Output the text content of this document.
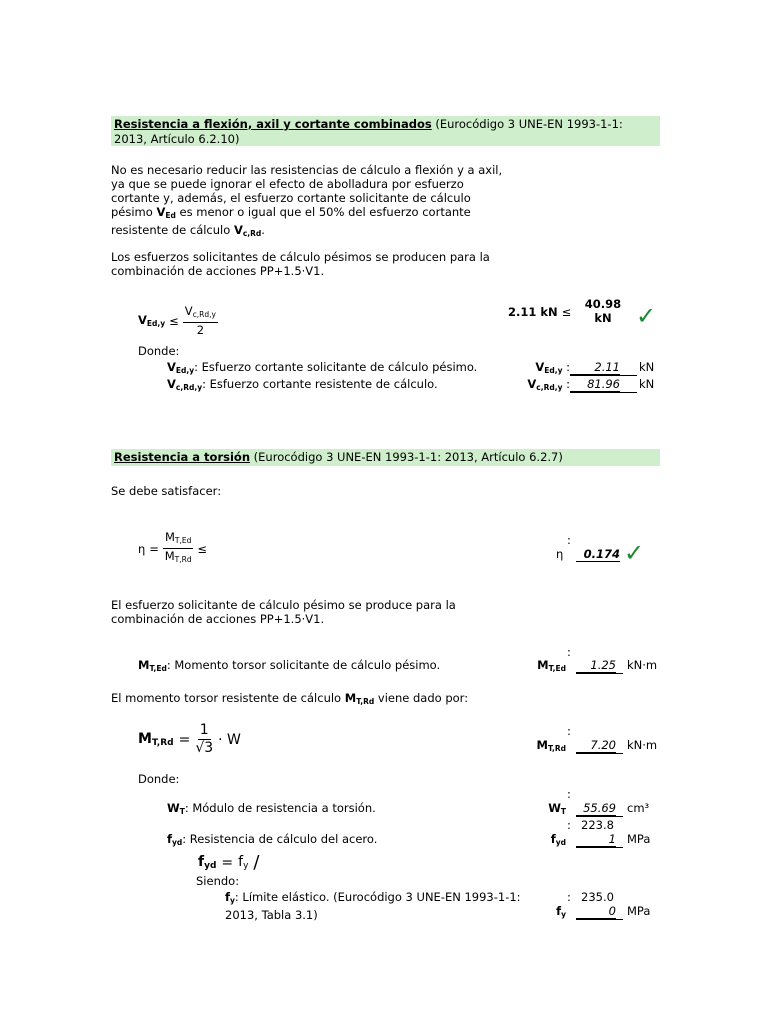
Resistencia a flexión, axil y cortante combinados (Eurocódigo 3 UNE-EN 1993-1-1: 2013, Artículo 6.2.10)
No es necesario reducir las resistencias de cálculo a flexión y a axil, ya que se puede ignorar el efecto de abolladura por esfuerzo cortante y, además, el esfuerzo cortante solicitante de cálculo pésimo $V_{Ed}$ es menor o igual que el 50% del esfuerzo cortante resistente de cálculo $V_{c,Rd}$.
Los esfuerzos solicitantes de cálculo pésimos se producen para la combinación de acciones PP+1.5·V1.
$V_{Ed,y} \le \frac{V_{c,Rd,y}}{2}$	2.11 kN ≤
40.98
kN	✓
Donde:
$V_{Ed,y}$: Esfuerzo cortante solicitante de cálculo pésimo.	$V_{Ed,y}$ :	2.11 kN
$V_{c,Rd,y}$: Esfuerzo cortante resistente de cálculo.	$V_{c,Rd,y}$ :	81.96 kN
Resistencia a torsión (Eurocódigo 3 UNE-EN 1993-1-1: 2013, Artículo 6.2.7)
Se debe satisfacer:
$\eta = \frac{M_{T,Ed}}{M_{T,Rd}}$ ≤
:
η	0.174 ✓
El esfuerzo solicitante de cálculo pésimo se produce para la combinación de acciones PP+1.5·V1.
:
$M_{T,Ed}$: Momento torsor solicitante de cálculo pésimo.	$M_{T,Ed}$	1.25 kN·m
El momento torsor resistente de cálculo $M_{T,Rd}$ viene dado por:
$M_{T,Rd} = \frac{1}{√3} \cdot W$
:
$M_{T,Rd}$	7.20 kN·m
Donde:
:
$W_T$: Módulo de resistencia a torsión.	$W_T$	55.69 cm³
: 223.8
$f_{yd}$: Resistencia de cálculo del acero.	$f_{yd}$	1 MPa
$f_{yd} = f_y$ /
Siendo:
: 235.0
$f_y$: Límite elástico. (Eurocódigo 3 UNE-EN 1993-1-1: 2013, Tabla 3.1)	$f_y$	0 MPa
